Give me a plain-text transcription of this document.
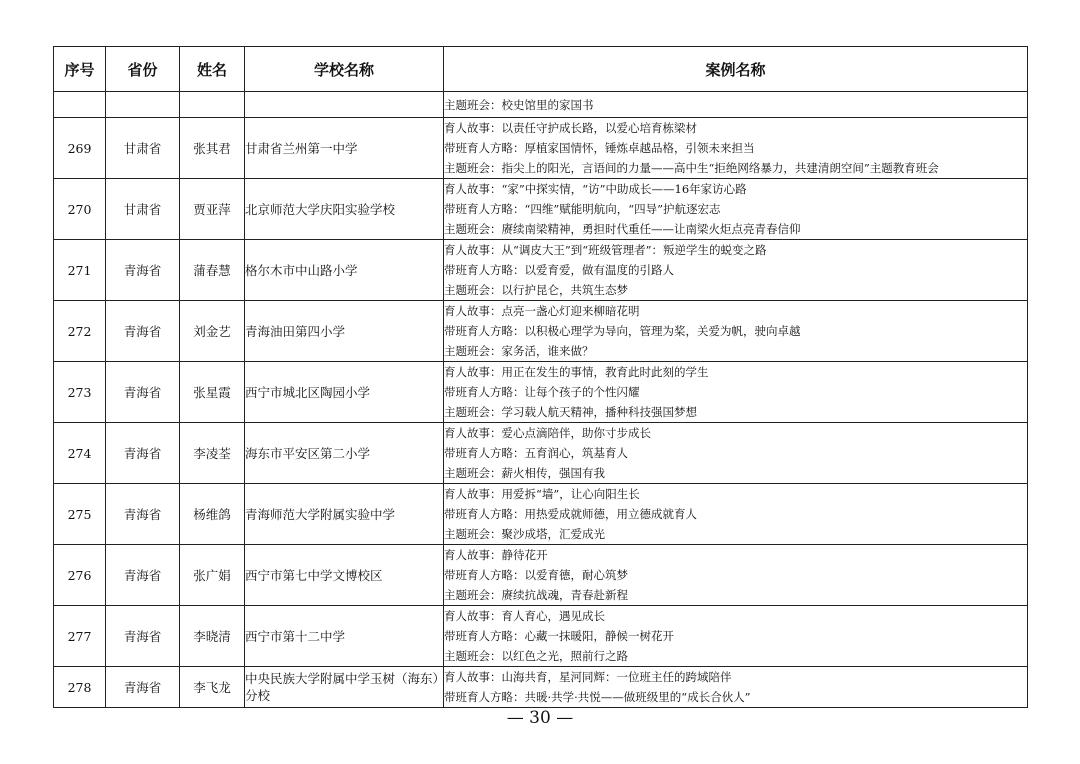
序号	省份	姓名	学校名称	案例名称

				主题班会：校史馆里的家国书

269	甘肃省	张其君	甘肃省兰州第一中学	育人故事：以责任守护成长路，以爱心培育栋梁材
带班育人方略：厚植家国情怀，锤炼卓越品格，引领未来担当
主题班会：指尖上的阳光，言语间的力量——高中生“拒绝网络暴力，共建清朗空间”主题教育班会

270	甘肃省	贾亚萍	北京师范大学庆阳实验学校	育人故事：“家”中探实情，“访”中助成长——16年家访心路
带班育人方略：“四维”赋能明航向，“四导”护航逐宏志
主题班会：赓续南梁精神，勇担时代重任——让南梁火炬点亮青春信仰

271	青海省	蒲春慧	格尔木市中山路小学	育人故事：从“调皮大王”到“班级管理者”：叛逆学生的蜕变之路
带班育人方略：以爱育爱，做有温度的引路人
主题班会：以行护昆仑，共筑生态梦

272	青海省	刘金艺	青海油田第四小学	育人故事：点亮一盏心灯迎来柳暗花明
带班育人方略：以积极心理学为导向，管理为桨，关爱为帆，驶向卓越
主题班会：家务活，谁来做？

273	青海省	张星霞	西宁市城北区陶园小学	育人故事：用正在发生的事情，教育此时此刻的学生
带班育人方略：让每个孩子的个性闪耀
主题班会：学习载人航天精神，播种科技强国梦想

274	青海省	李凌荃	海东市平安区第二小学	育人故事：爱心点滴陪伴，助你寸步成长
带班育人方略：五育润心，筑基育人
主题班会：薪火相传，强国有我

275	青海省	杨维鸽	青海师范大学附属实验中学	育人故事：用爱拆“墙”，让心向阳生长
带班育人方略：用热爱成就师德，用立德成就育人
主题班会：聚沙成塔，汇爱成光

276	青海省	张广娟	西宁市第七中学文博校区	育人故事：静待花开
带班育人方略：以爱育德，耐心筑梦
主题班会：赓续抗战魂，青春赴新程

277	青海省	李晓清	西宁市第十二中学	育人故事：育人育心，遇见成长
带班育人方略：心藏一抹暖阳，静候一树花开
主题班会：以红色之光，照前行之路

278	青海省	李飞龙	中央民族大学附属中学玉树（海东）分校	育人故事：山海共育，星河同辉：一位班主任的跨域陪伴
带班育人方略：共暖·共学·共悦——做班级里的“成长合伙人”
— 30 —
